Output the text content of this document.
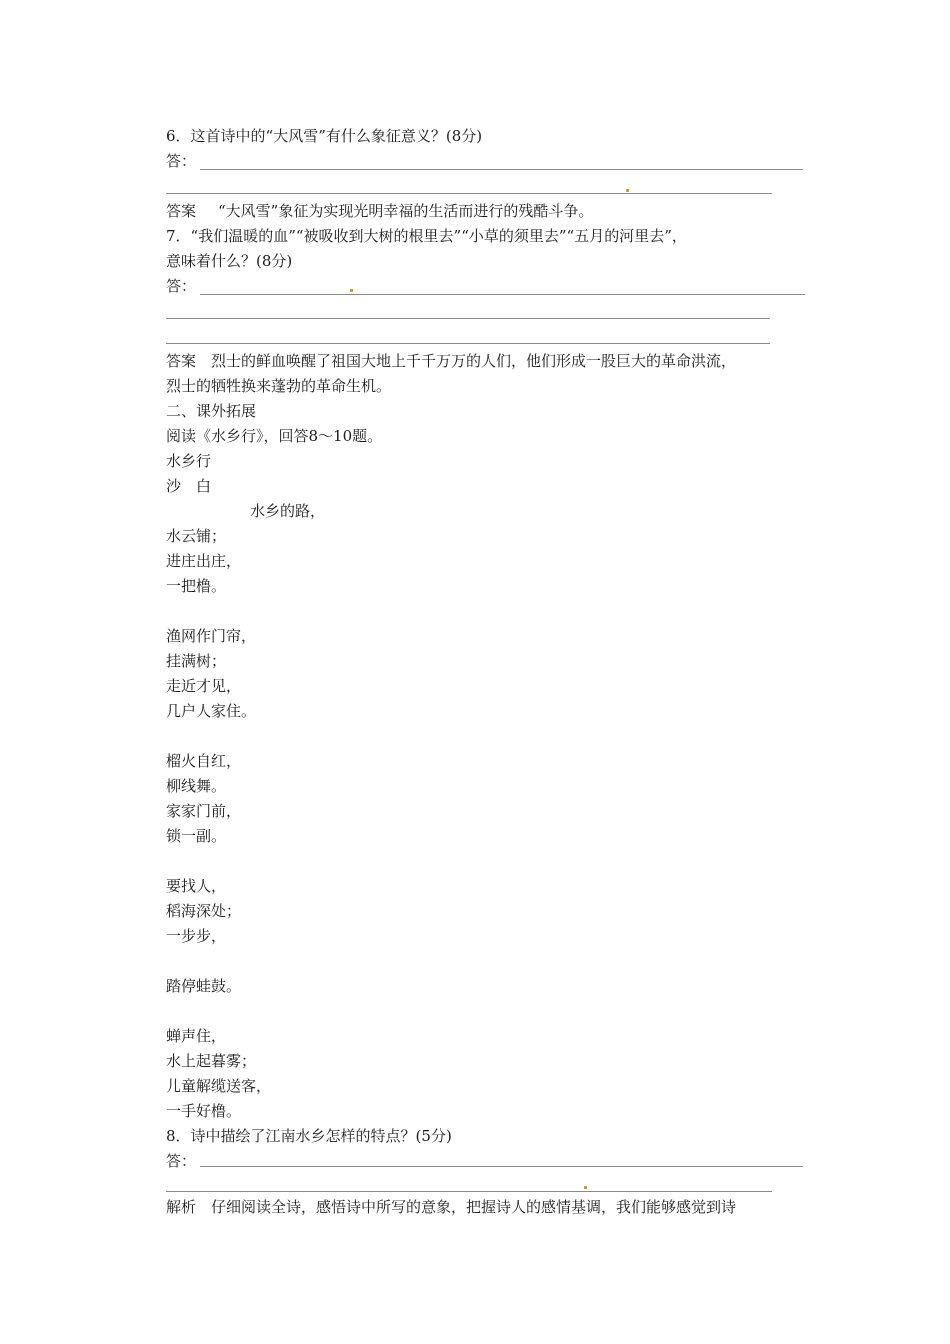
6．这首诗中的“大风雪”有什么象征意义？(8分)

答：

答案 “大风雪”象征为实现光明幸福的生活而进行的残酷斗争。

7．“我们温暖的血”“被吸收到大树的根里去”“小草的须里去”“五月的河里去”，

意味着什么？(8分)

答：

答案 烈士的鲜血唤醒了祖国大地上千千万万的人们，他们形成一股巨大的革命洪流，

烈士的牺牲换来蓬勃的革命生机。

二、课外拓展

阅读《水乡行》，回答8～10题。

水乡行

沙　白

水乡的路，

水云铺；

进庄出庄，

一把橹。

渔网作门帘，

挂满树；

走近才见，

几户人家住。

榴火自红，

柳线舞。

家家门前，

锁一副。

要找人，

稻海深处；

一步步，

踏停蛙鼓。

蝉声住，

水上起暮雾；

儿童解缆送客，

一手好橹。

8．诗中描绘了江南水乡怎样的特点？(5分)

答：

解析 仔细阅读全诗，感悟诗中所写的意象，把握诗人的感情基调，我们能够感觉到诗
